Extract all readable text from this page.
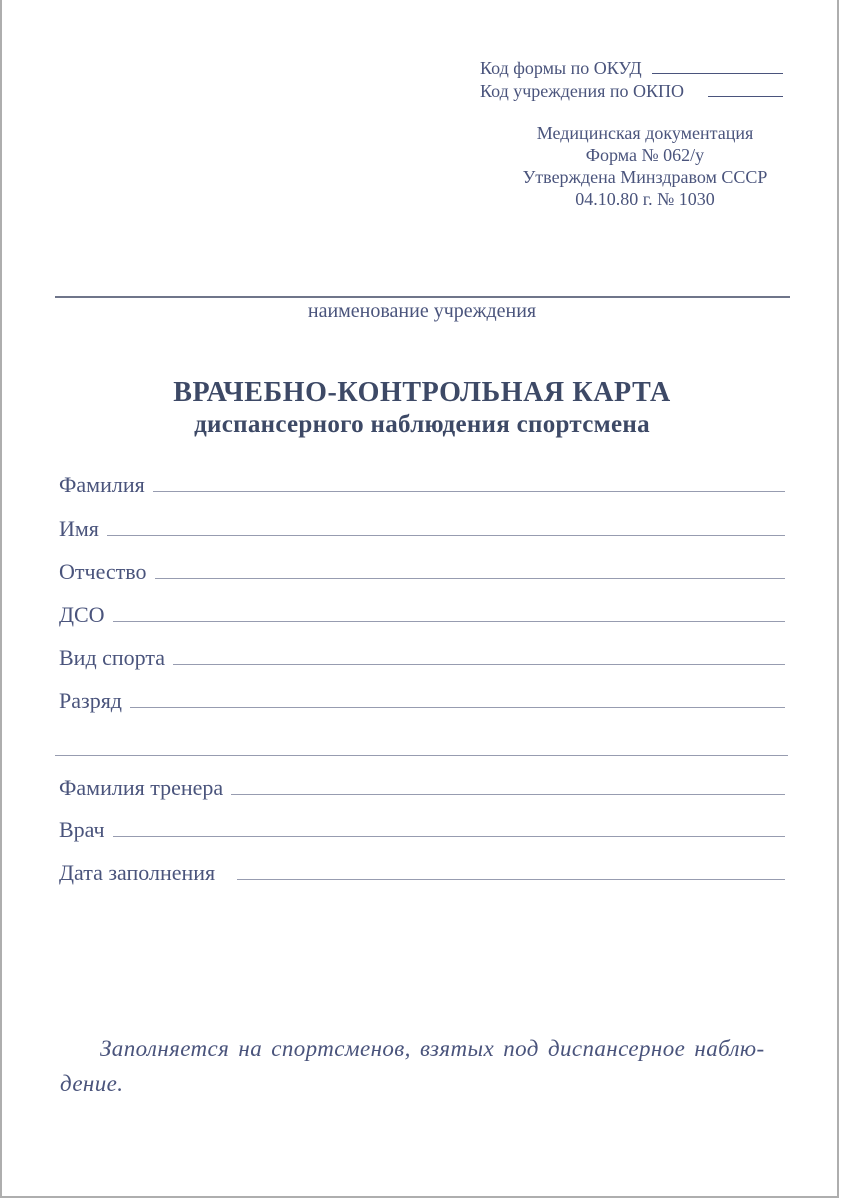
Код формы по ОКУД
Код учреждения по ОКПО
Медицинская документация
Форма № 062/у
Утверждена Минздравом СССР
04.10.80 г. № 1030
наименование учреждения
ВРАЧЕБНО-КОНТРОЛЬНАЯ КАРТА
диспансерного наблюдения спортсмена
Фамилия
Имя
Отчество
ДСО
Вид спорта
Разряд
Фамилия тренера
Врач
Дата заполнения
Заполняется на спортсменов, взятых под диспансерное наблю-
дение.
